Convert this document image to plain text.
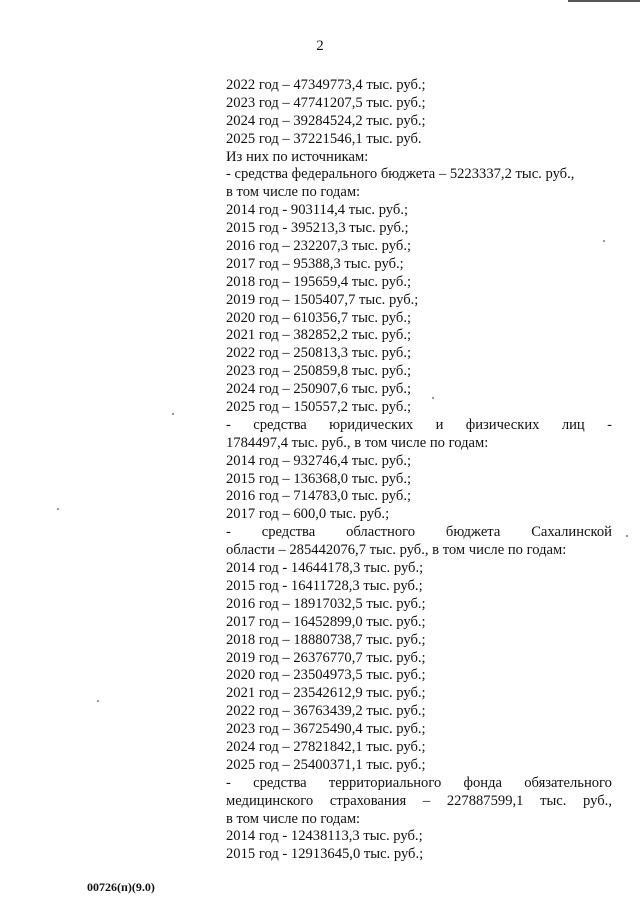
2
2022 год – 47349773,4 тыс. руб.;
2023 год – 47741207,5 тыс. руб.;
2024 год – 39284524,2 тыс. руб.;
2025 год – 37221546,1 тыс. руб.
Из них по источникам:
- средства федерального бюджета – 5223337,2 тыс. руб.,
в том числе по годам:
2014 год - 903114,4 тыс. руб.;
2015 год - 395213,3 тыс. руб.;
2016 год – 232207,3 тыс. руб.;
2017 год – 95388,3 тыс. руб.;
2018 год – 195659,4 тыс. руб.;
2019 год – 1505407,7 тыс. руб.;
2020 год – 610356,7 тыс. руб.;
2021 год – 382852,2 тыс. руб.;
2022 год – 250813,3 тыс. руб.;
2023 год – 250859,8 тыс. руб.;
2024 год – 250907,6 тыс. руб.;
2025 год – 150557,2 тыс. руб.;
- средства юридических и физических лиц -
1784497,4 тыс. руб., в том числе по годам:
2014 год – 932746,4 тыс. руб.;
2015 год – 136368,0 тыс. руб.;
2016 год – 714783,0 тыс. руб.;
2017 год – 600,0 тыс. руб.;
- средства областного бюджета Сахалинской
области – 285442076,7 тыс. руб., в том числе по годам:
2014 год - 14644178,3 тыс. руб.;
2015 год - 16411728,3 тыс. руб.;
2016 год – 18917032,5 тыс. руб.;
2017 год – 16452899,0 тыс. руб.;
2018 год – 18880738,7 тыс. руб.;
2019 год – 26376770,7 тыс. руб.;
2020 год – 23504973,5 тыс. руб.;
2021 год – 23542612,9 тыс. руб.;
2022 год – 36763439,2 тыс. руб.;
2023 год – 36725490,4 тыс. руб.;
2024 год – 27821842,1 тыс. руб.;
2025 год – 25400371,1 тыс. руб.;
- средства территориального фонда обязательного
медицинского страхования – 227887599,1 тыс. руб.,
в том числе по годам:
2014 год - 12438113,3 тыс. руб.;
2015 год - 12913645,0 тыс. руб.;
00726(п)(9.0)
